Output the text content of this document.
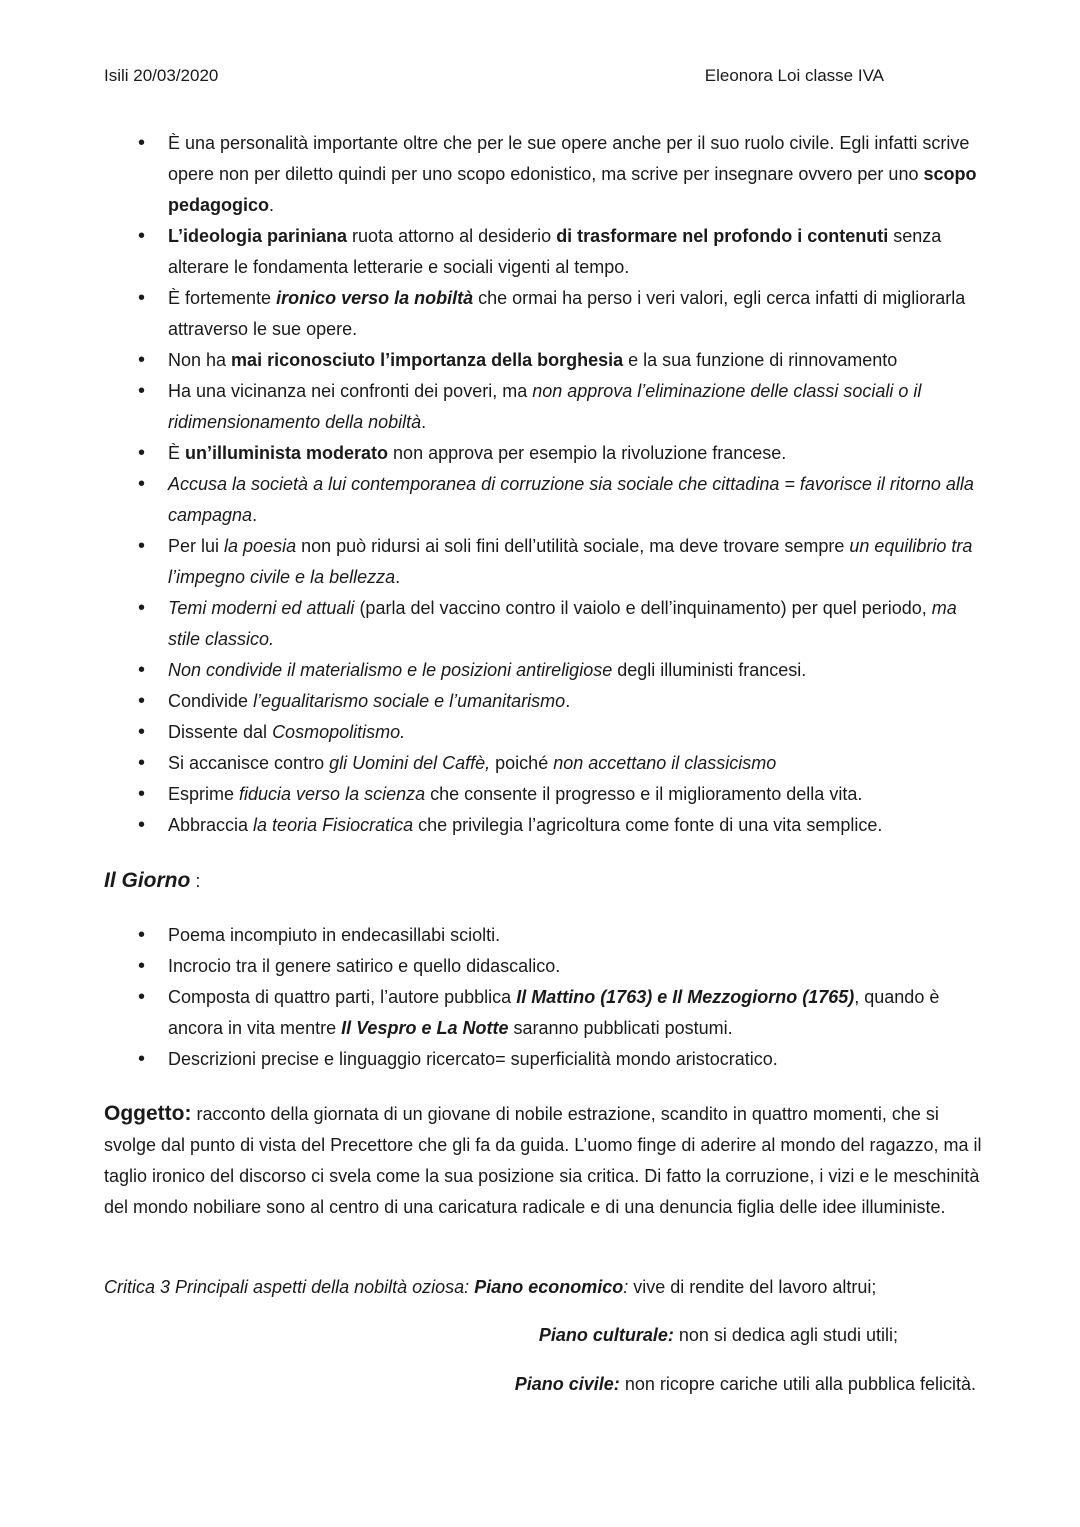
Isili 20/03/2020	Eleonora Loi classe IVA
• È una personalità importante oltre che per le sue opere anche per il suo ruolo civile. Egli infatti scrive opere non per diletto quindi per uno scopo edonistico, ma scrive per insegnare ovvero per uno scopo pedagogico.
• L’ideologia pariniana ruota attorno al desiderio di trasformare nel profondo i contenuti senza alterare le fondamenta letterarie e sociali vigenti al tempo.
• È fortemente ironico verso la nobiltà che ormai ha perso i veri valori, egli cerca infatti di migliorarla attraverso le sue opere.
• Non ha mai riconosciuto l’importanza della borghesia e la sua funzione di rinnovamento
• Ha una vicinanza nei confronti dei poveri, ma non approva l’eliminazione delle classi sociali o il ridimensionamento della nobiltà.
• È un’illuminista moderato non approva per esempio la rivoluzione francese.
• Accusa la società a lui contemporanea di corruzione sia sociale che cittadina = favorisce il ritorno alla campagna.
• Per lui la poesia non può ridursi ai soli fini dell’utilità sociale, ma deve trovare sempre un equilibrio tra l’impegno civile e la bellezza.
• Temi moderni ed attuali (parla del vaccino contro il vaiolo e dell’inquinamento) per quel periodo, ma stile classico.
• Non condivide il materialismo e le posizioni antireligiose degli illuministi francesi.
• Condivide l’egualitarismo sociale e l’umanitarismo.
• Dissente dal Cosmopolitismo.
• Si accanisce contro gli Uomini del Caffè, poiché non accettano il classicismo
• Esprime fiducia verso la scienza che consente il progresso e il miglioramento della vita.
• Abbraccia la teoria Fisiocratica che privilegia l’agricoltura come fonte di una vita semplice.
Il Giorno :
• Poema incompiuto in endecasillabi sciolti.
• Incrocio tra il genere satirico e quello didascalico.
• Composta di quattro parti, l’autore pubblica Il Mattino (1763) e Il Mezzogiorno (1765), quando è ancora in vita mentre Il Vespro e La Notte saranno pubblicati postumi.
• Descrizioni precise e linguaggio ricercato= superficialità mondo aristocratico.
Oggetto: racconto della giornata di un giovane di nobile estrazione, scandito in quattro momenti, che si svolge dal punto di vista del Precettore che gli fa da guida. L’uomo finge di aderire al mondo del ragazzo, ma il taglio ironico del discorso ci svela come la sua posizione sia critica. Di fatto la corruzione, i vizi e le meschinità del mondo nobiliare sono al centro di una caricatura radicale e di una denuncia figlia delle idee illuministe.
Critica 3 Principali aspetti della nobiltà oziosa: Piano economico: vive di rendite del lavoro altrui;
Piano culturale: non si dedica agli studi utili;
Piano civile: non ricopre cariche utili alla pubblica felicità.
